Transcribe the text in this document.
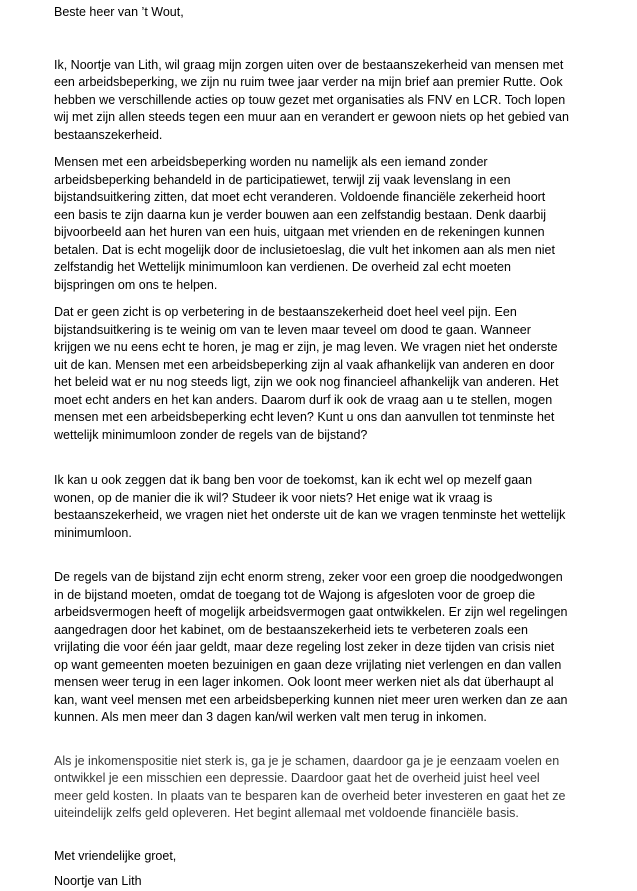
Beste heer van ’t Wout,
Ik, Noortje van Lith, wil graag mijn zorgen uiten over de bestaanszekerheid van mensen met
een arbeidsbeperking, we zijn nu ruim twee jaar verder na mijn brief aan premier Rutte. Ook
hebben we verschillende acties op touw gezet met organisaties als FNV en LCR. Toch lopen
wij met zijn allen steeds tegen een muur aan en verandert er gewoon niets op het gebied van
bestaanszekerheid.
Mensen met een arbeidsbeperking worden nu namelijk als een iemand zonder
arbeidsbeperking behandeld in de participatiewet, terwijl zij vaak levenslang in een
bijstandsuitkering zitten, dat moet echt veranderen. Voldoende financiële zekerheid hoort
een basis te zijn daarna kun je verder bouwen aan een zelfstandig bestaan. Denk daarbij
bijvoorbeeld aan het huren van een huis, uitgaan met vrienden en de rekeningen kunnen
betalen. Dat is echt mogelijk door de inclusietoeslag, die vult het inkomen aan als men niet
zelfstandig het Wettelijk minimumloon kan verdienen. De overheid zal echt moeten
bijspringen om ons te helpen.
Dat er geen zicht is op verbetering in de bestaanszekerheid doet heel veel pijn. Een
bijstandsuitkering is te weinig om van te leven maar teveel om dood te gaan. Wanneer
krijgen we nu eens echt te horen, je mag er zijn, je mag leven. We vragen niet het onderste
uit de kan. Mensen met een arbeidsbeperking zijn al vaak afhankelijk van anderen en door
het beleid wat er nu nog steeds ligt, zijn we ook nog financieel afhankelijk van anderen. Het
moet echt anders en het kan anders. Daarom durf ik ook de vraag aan u te stellen, mogen
mensen met een arbeidsbeperking echt leven? Kunt u ons dan aanvullen tot tenminste het
wettelijk minimumloon zonder de regels van de bijstand?
Ik kan u ook zeggen dat ik bang ben voor de toekomst, kan ik echt wel op mezelf gaan
wonen, op de manier die ik wil? Studeer ik voor niets? Het enige wat ik vraag is
bestaanszekerheid, we vragen niet het onderste uit de kan we vragen tenminste het wettelijk
minimumloon.
De regels van de bijstand zijn echt enorm streng, zeker voor een groep die noodgedwongen
in de bijstand moeten, omdat de toegang tot de Wajong is afgesloten voor de groep die
arbeidsvermogen heeft of mogelijk arbeidsvermogen gaat ontwikkelen. Er zijn wel regelingen
aangedragen door het kabinet, om de bestaanszekerheid iets te verbeteren zoals een
vrijlating die voor één jaar geldt, maar deze regeling lost zeker in deze tijden van crisis niet
op want gemeenten moeten bezuinigen en gaan deze vrijlating niet verlengen en dan vallen
mensen weer terug in een lager inkomen. Ook loont meer werken niet als dat überhaupt al
kan, want veel mensen met een arbeidsbeperking kunnen niet meer uren werken dan ze aan
kunnen. Als men meer dan 3 dagen kan/wil werken valt men terug in inkomen.
Als je inkomenspositie niet sterk is, ga je je schamen, daardoor ga je je eenzaam voelen en
ontwikkel je een misschien een depressie. Daardoor gaat het de overheid juist heel veel
meer geld kosten. In plaats van te besparen kan de overheid beter investeren en gaat het ze
uiteindelijk zelfs geld opleveren. Het begint allemaal met voldoende financiële basis.
Met vriendelijke groet,
Noortje van Lith
